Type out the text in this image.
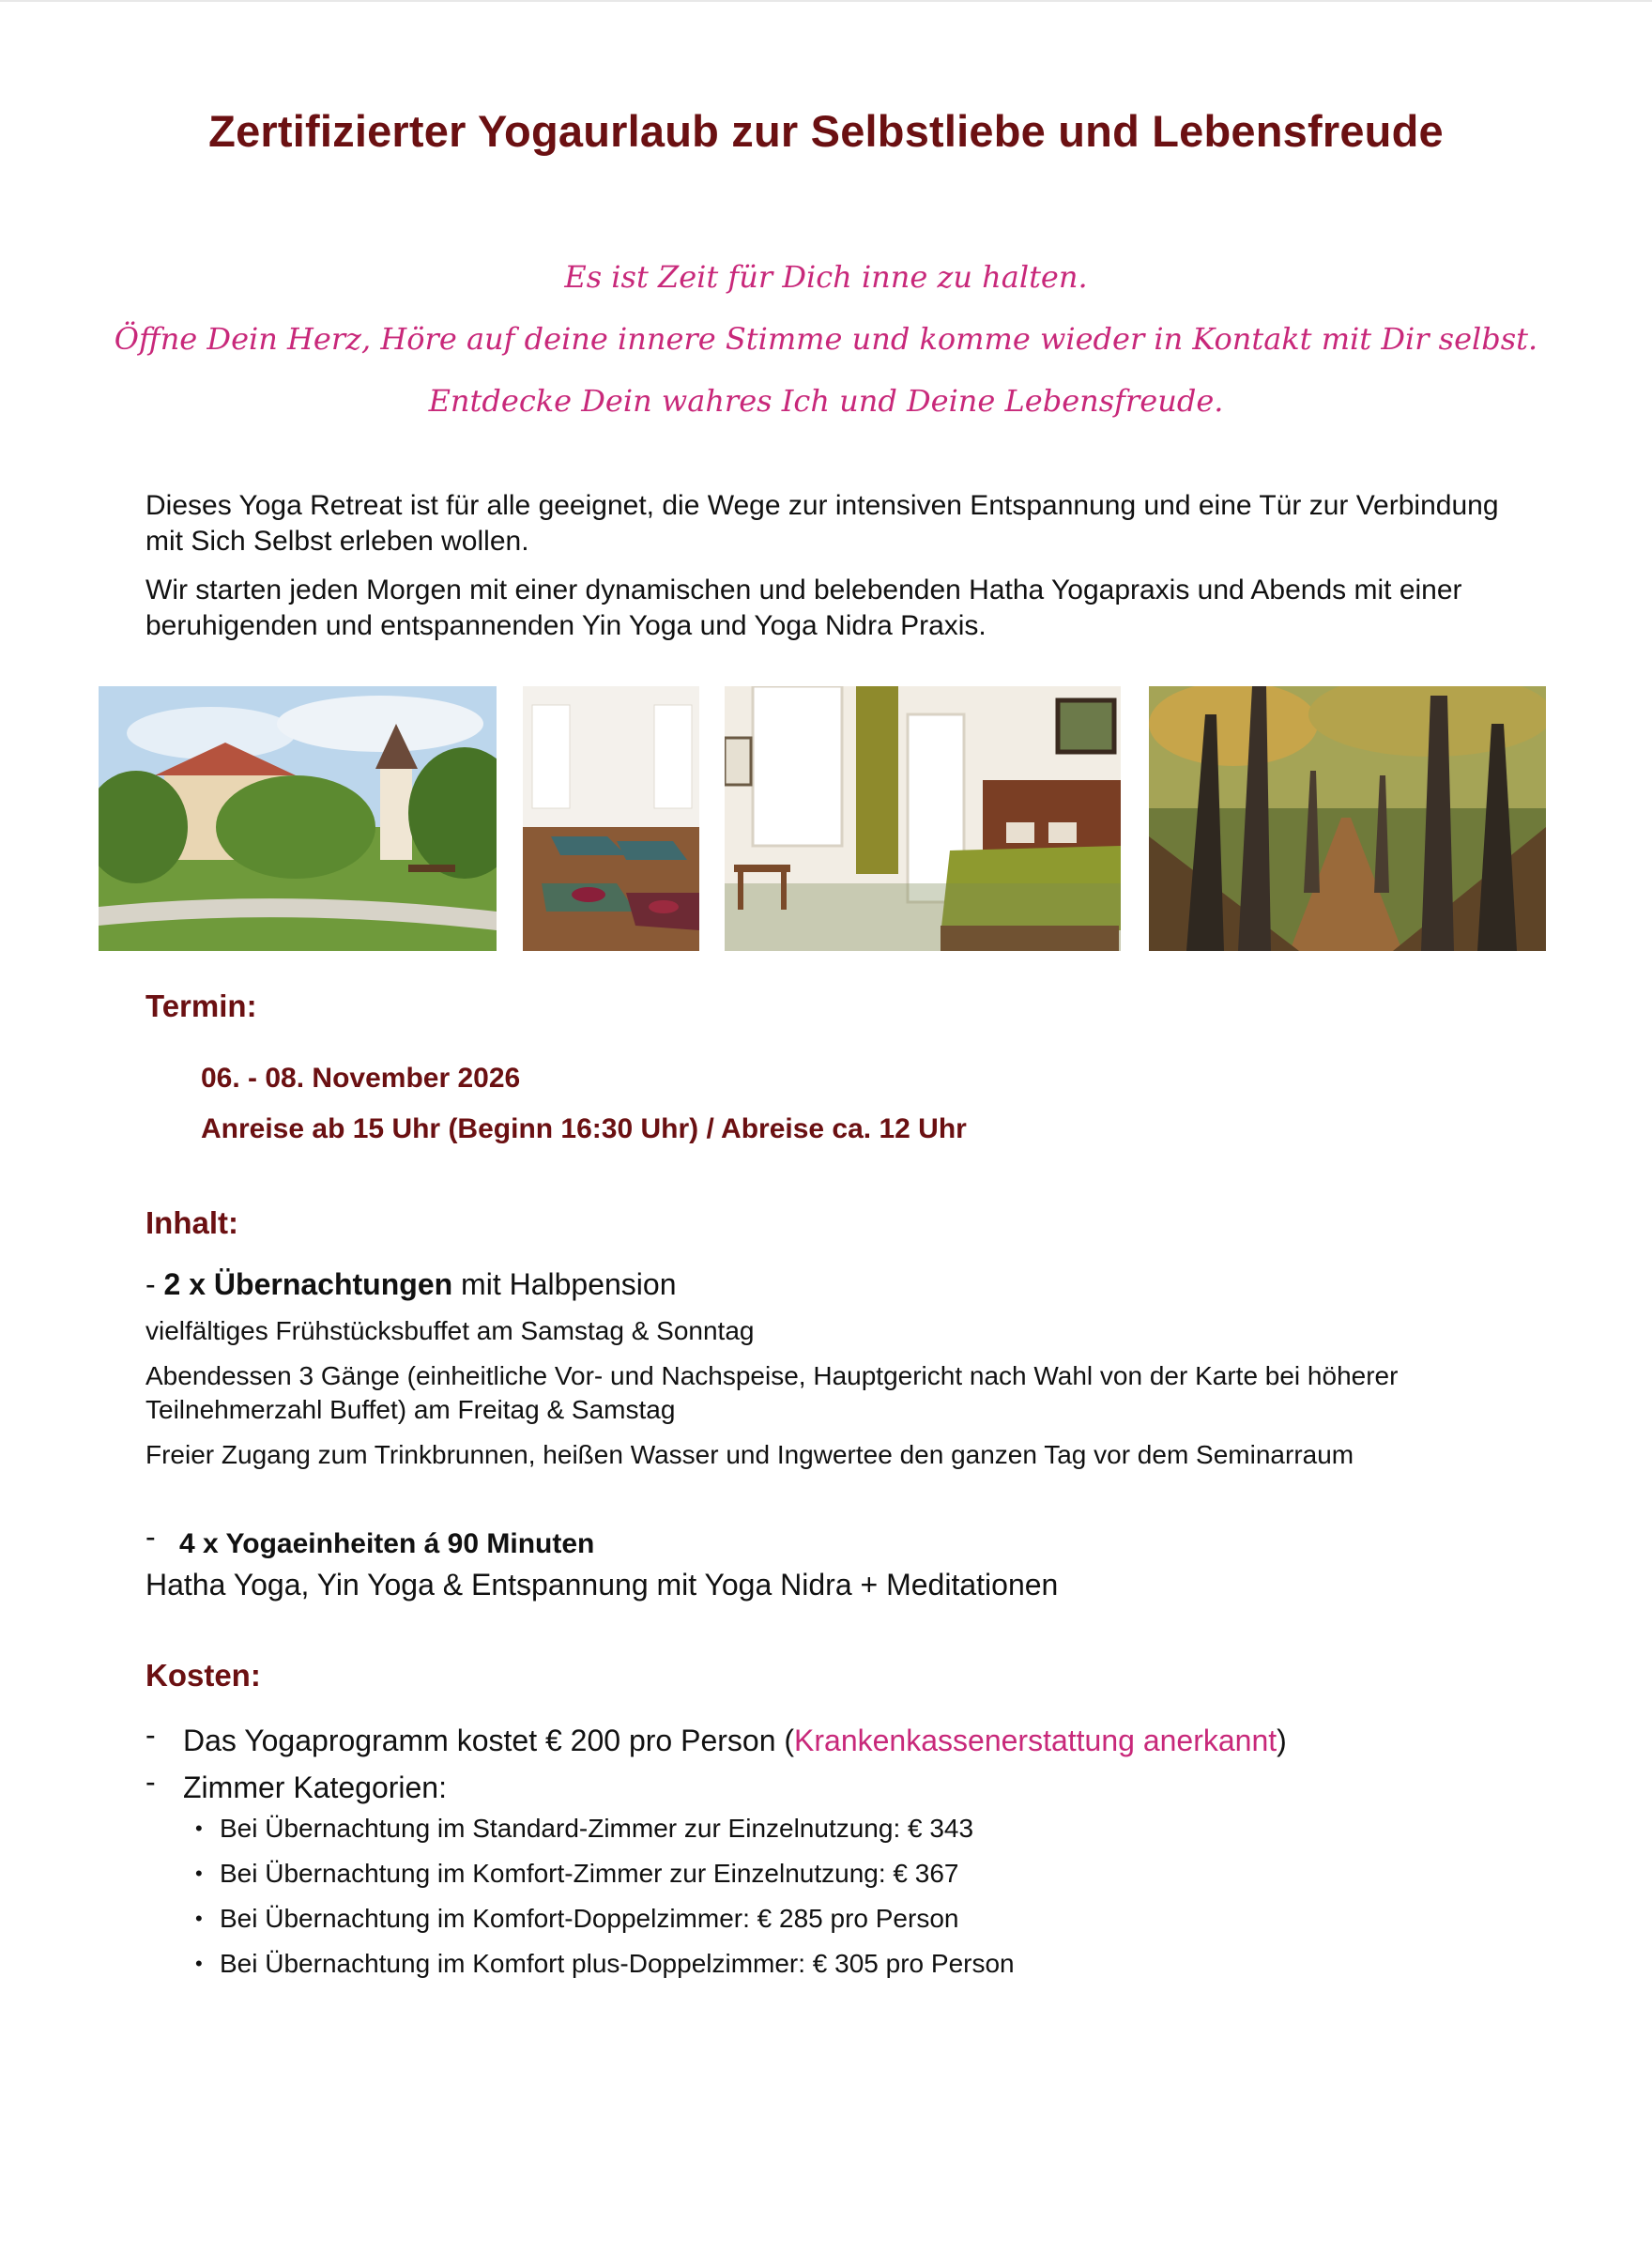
Zertifizierter Yogaurlaub zur Selbstliebe und Lebensfreude
Es ist Zeit für Dich inne zu halten.
Öffne Dein Herz, Höre auf deine innere Stimme und komme wieder in Kontakt mit Dir selbst.
Entdecke Dein wahres Ich und Deine Lebensfreude.

Dieses Yoga Retreat ist für alle geeignet, die Wege zur intensiven Entspannung und eine Tür zur Verbindung mit Sich Selbst erleben wollen.

Wir starten jeden Morgen mit einer dynamischen und belebenden Hatha Yogapraxis und Abends mit einer beruhigenden und entspannenden Yin Yoga und Yoga Nidra Praxis.

Termin:
06. - 08. November 2026
Anreise ab 15 Uhr (Beginn 16:30 Uhr) / Abreise ca. 12 Uhr
Inhalt:
- 2 x Übernachtungen mit Halbpension
vielfältiges Frühstücksbuffet am Samstag & Sonntag
Abendessen 3 Gänge (einheitliche Vor- und Nachspeise, Hauptgericht nach Wahl von der Karte bei höherer Teilnehmerzahl Buffet) am Freitag & Samstag
Freier Zugang zum Trinkbrunnen, heißen Wasser und Ingwertee den ganzen Tag vor dem Seminarraum
- 4 x Yogaeinheiten á 90 Minuten
Hatha Yoga, Yin Yoga & Entspannung mit Yoga Nidra + Meditationen
Kosten:
- Das Yogaprogramm kostet € 200 pro Person (Krankenkassenerstattung anerkannt)
- Zimmer Kategorien:
• Bei Übernachtung im Standard-Zimmer zur Einzelnutzung: € 343
• Bei Übernachtung im Komfort-Zimmer zur Einzelnutzung: € 367
• Bei Übernachtung im Komfort-Doppelzimmer: € 285 pro Person
• Bei Übernachtung im Komfort plus-Doppelzimmer: € 305 pro Person
